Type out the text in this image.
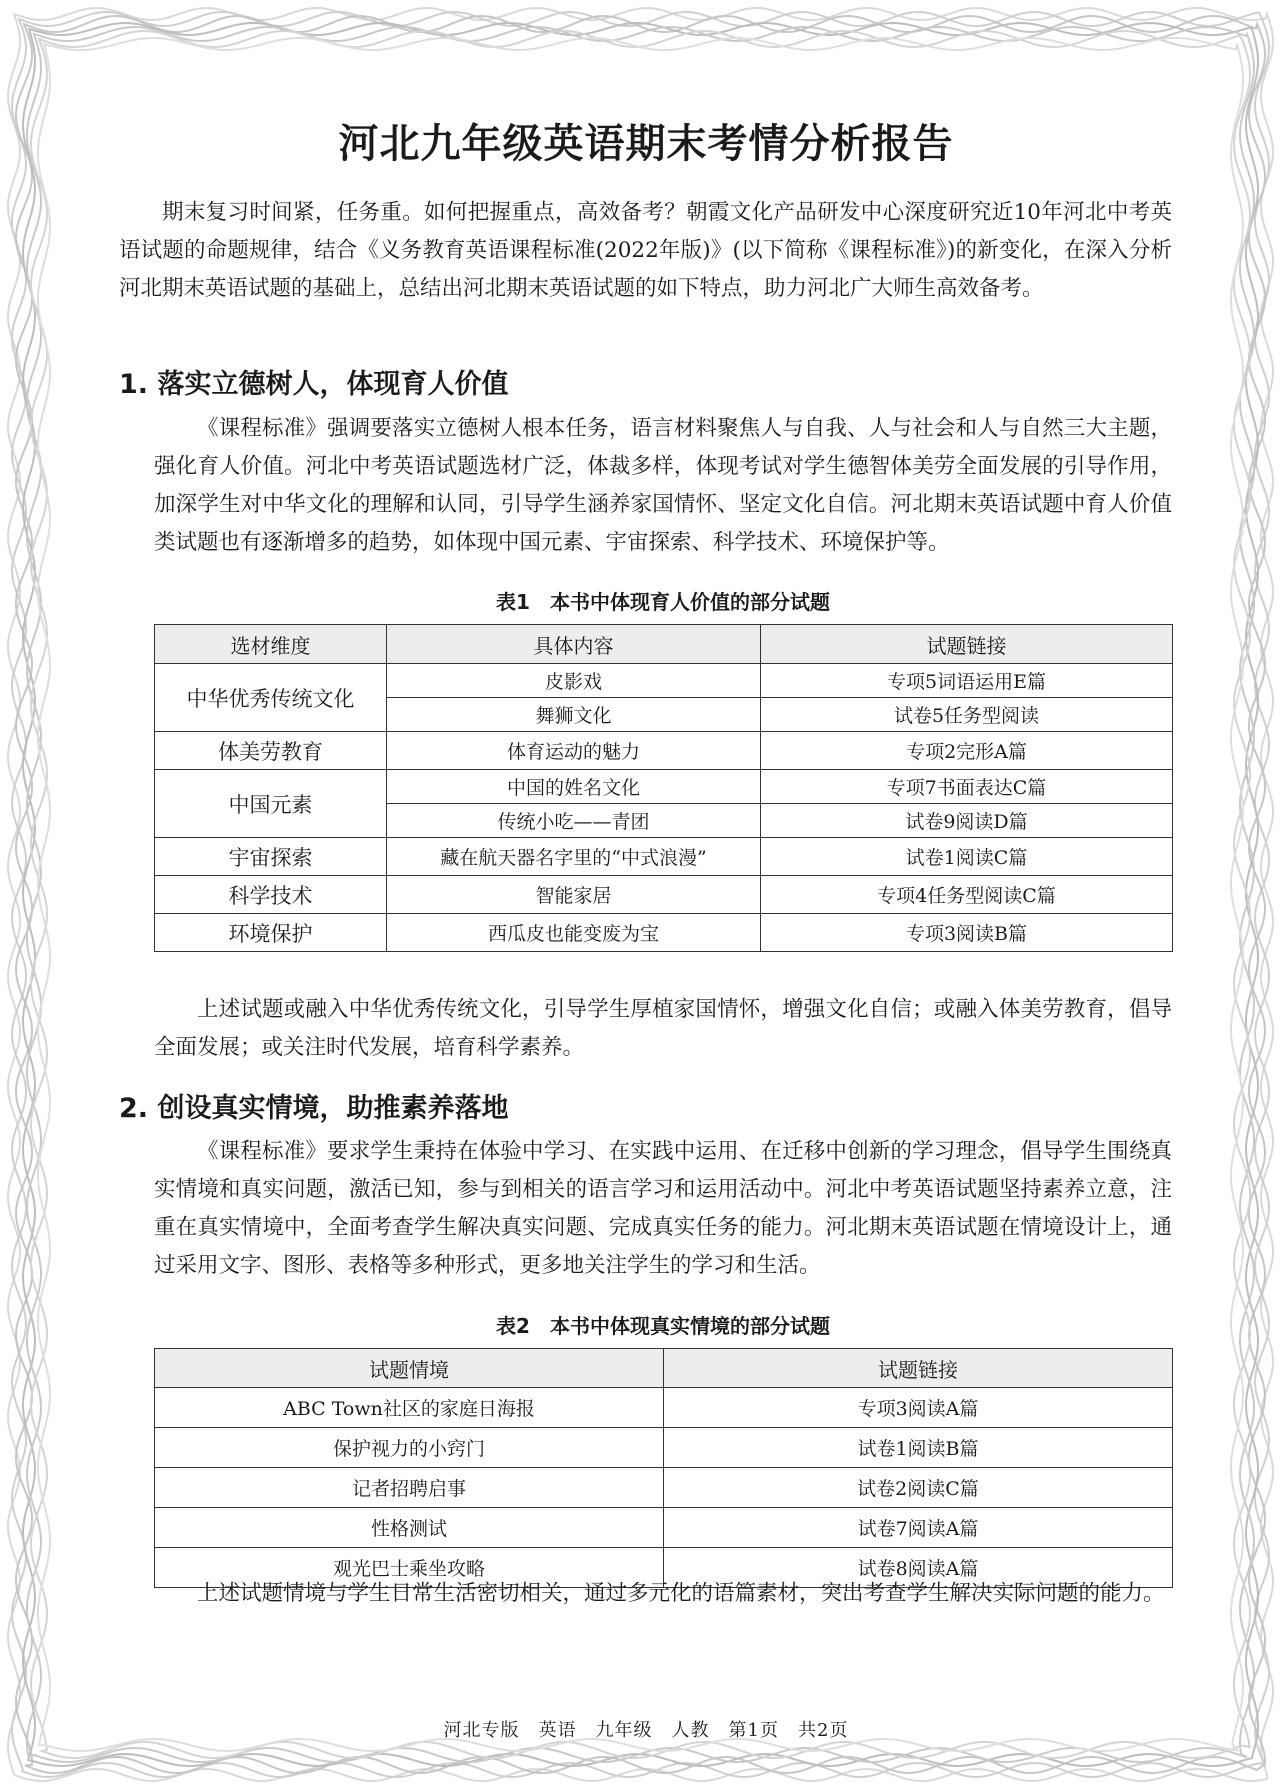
河北九年级英语期末考情分析报告

期末复习时间紧，任务重。如何把握重点，高效备考？朝霞文化产品研发中心深度研究近10年河北中考英语试题的命题规律，结合《义务教育英语课程标准(2022年版)》(以下简称《课程标准》)的新变化，在深入分析河北期末英语试题的基础上，总结出河北期末英语试题的如下特点，助力河北广大师生高效备考。

1. 落实立德树人，体现育人价值

《课程标准》强调要落实立德树人根本任务，语言材料聚焦人与自我、人与社会和人与自然三大主题，强化育人价值。河北中考英语试题选材广泛，体裁多样，体现考试对学生德智体美劳全面发展的引导作用，加深学生对中华文化的理解和认同，引导学生涵养家国情怀、坚定文化自信。河北期末英语试题中育人价值类试题也有逐渐增多的趋势，如体现中国元素、宇宙探索、科学技术、环境保护等。

表1　本书中体现育人价值的部分试题

选材维度	具体内容	试题链接
中华优秀传统文化	皮影戏	专项5词语运用E篇
	舞狮文化	试卷5任务型阅读
体美劳教育	体育运动的魅力	专项2完形A篇
中国元素	中国的姓名文化	专项7书面表达C篇
	传统小吃——青团	试卷9阅读D篇
宇宙探索	藏在航天器名字里的“中式浪漫”	试卷1阅读C篇
科学技术	智能家居	专项4任务型阅读C篇
环境保护	西瓜皮也能变废为宝	专项3阅读B篇

上述试题或融入中华优秀传统文化，引导学生厚植家国情怀，增强文化自信；或融入体美劳教育，倡导全面发展；或关注时代发展，培育科学素养。

2. 创设真实情境，助推素养落地

《课程标准》要求学生秉持在体验中学习、在实践中运用、在迁移中创新的学习理念，倡导学生围绕真实情境和真实问题，激活已知，参与到相关的语言学习和运用活动中。河北中考英语试题坚持素养立意，注重在真实情境中，全面考查学生解决真实问题、完成真实任务的能力。河北期末英语试题在情境设计上，通过采用文字、图形、表格等多种形式，更多地关注学生的学习和生活。

表2　本书中体现真实情境的部分试题

试题情境	试题链接
ABC Town社区的家庭日海报	专项3阅读A篇
保护视力的小窍门	试卷1阅读B篇
记者招聘启事	试卷2阅读C篇
性格测试	试卷7阅读A篇
观光巴士乘坐攻略	试卷8阅读A篇

上述试题情境与学生日常生活密切相关，通过多元化的语篇素材，突出考查学生解决实际问题的能力。

河北专版　英语　九年级　人教　第1页　共2页
